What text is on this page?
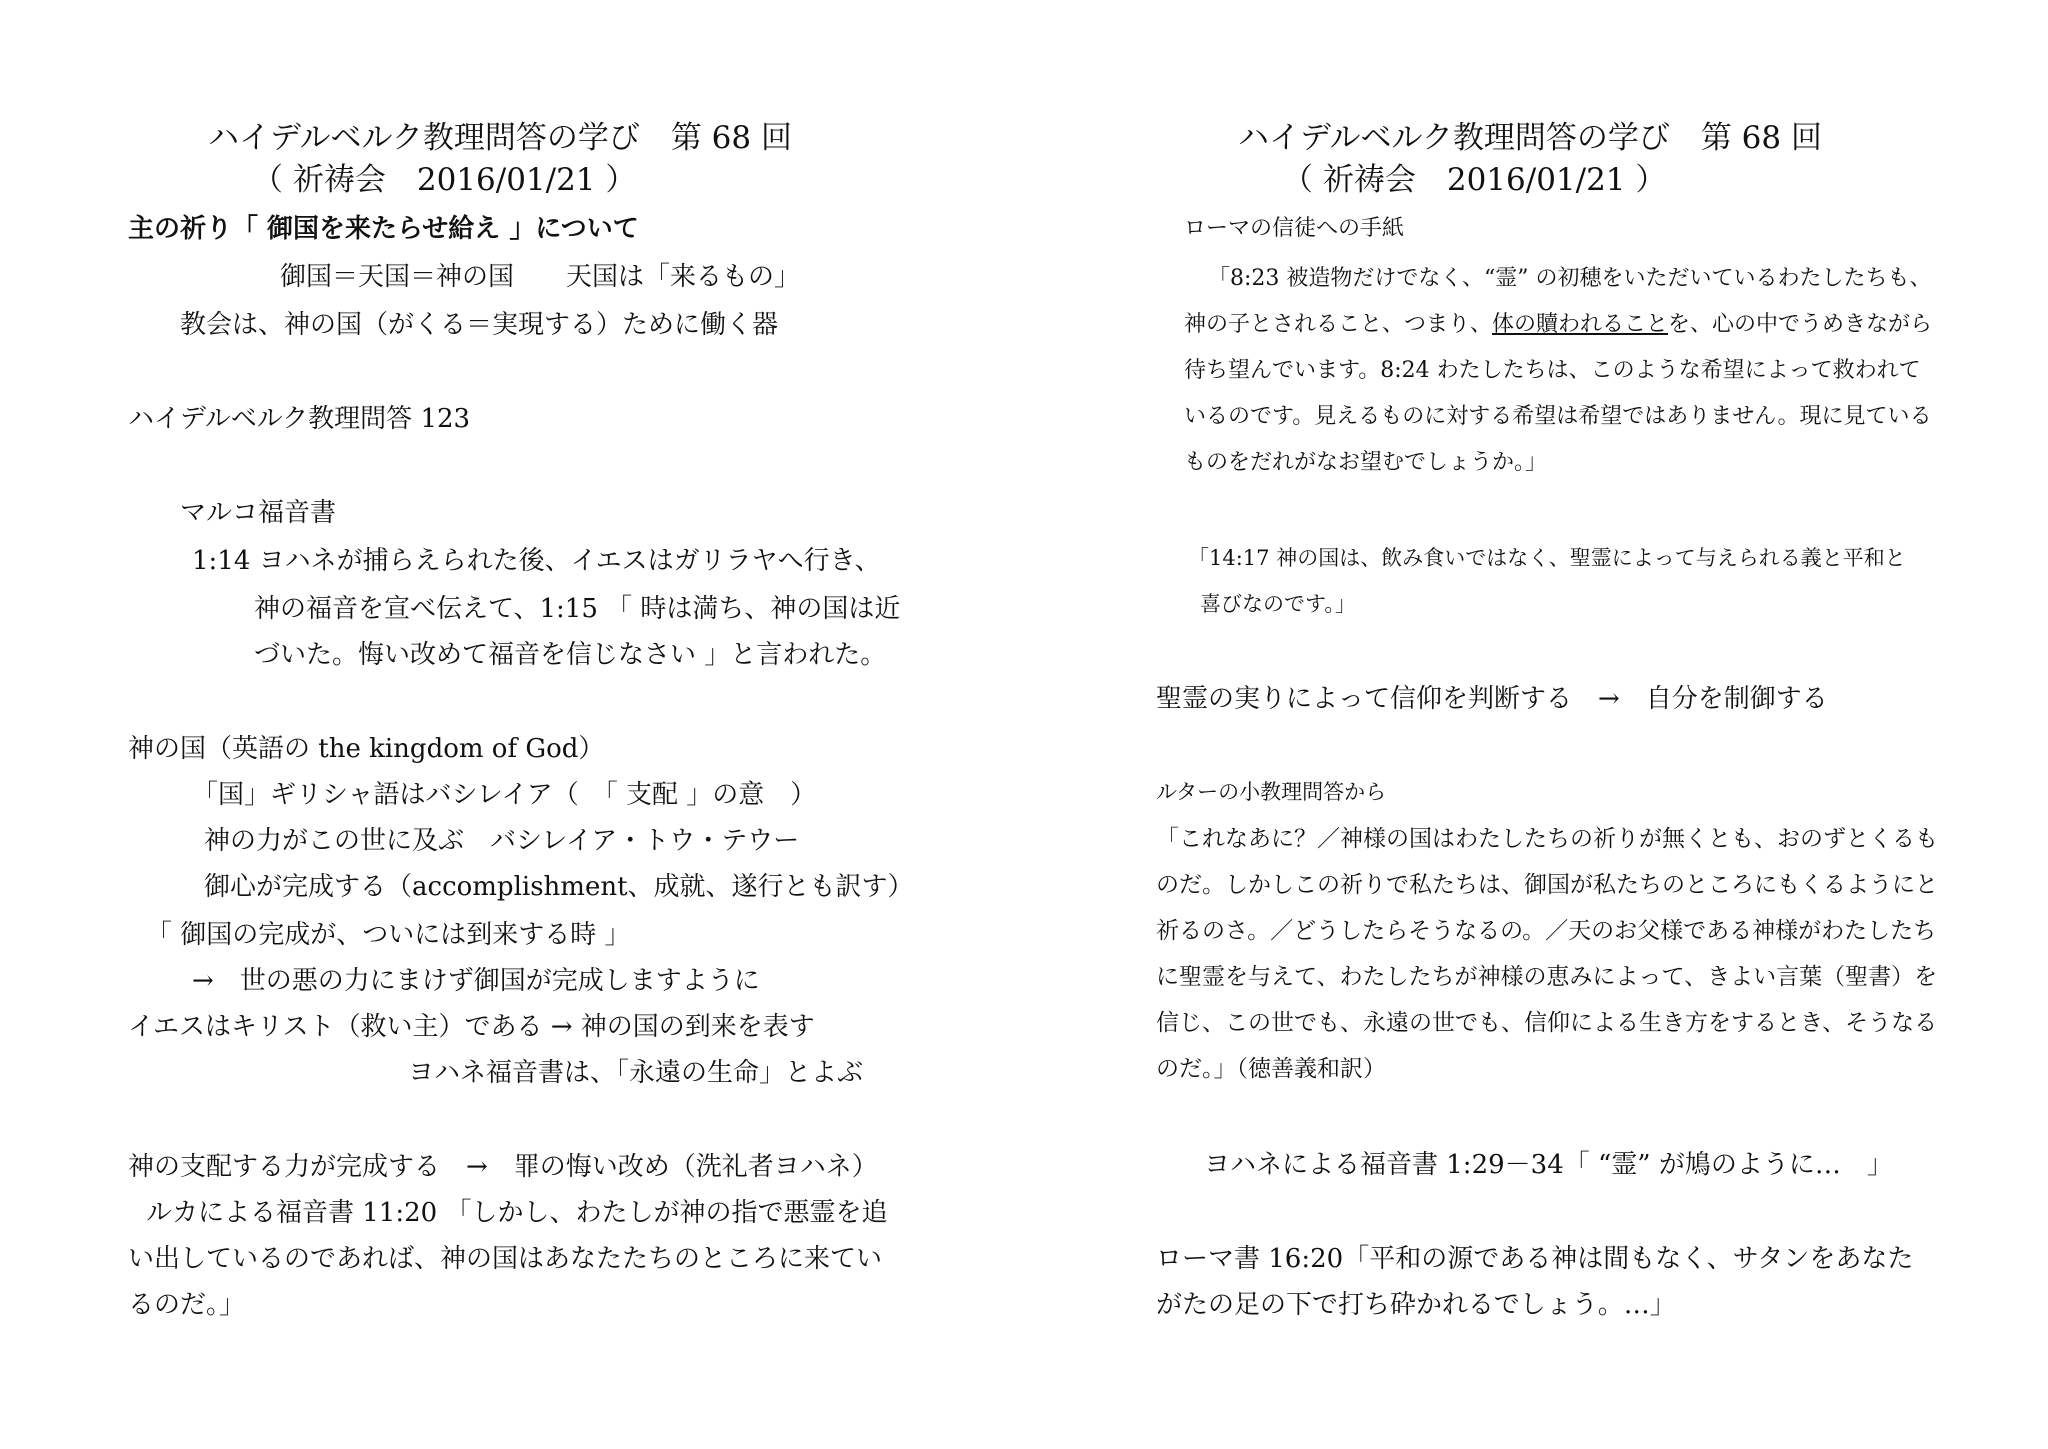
ハイデルベルク教理問答の学び　第 68 回
（ 祈祷会　2016/01/21 ）
主の祈り「 御国を来たらせ給え 」について
御国＝天国＝神の国　　天国は「来るもの」
教会は、神の国（がくる＝実現する）ために働く器
ハイデルベルク教理問答 123
マルコ福音書
1:14 ヨハネが捕らえられた後、イエスはガリラヤへ行き、
神の福音を宣べ伝えて、1:15 「 時は満ち、神の国は近
づいた。悔い改めて福音を信じなさい 」と言われた。
神の国（英語の the kingdom of God）
「国」ギリシャ語はバシレイア（　「 支配 」の意　）
神の力がこの世に及ぶ　バシレイア・トウ・テウー
御心が完成する（accomplishment、成就、遂行とも訳す）
「 御国の完成が、ついには到来する時 」
→　世の悪の力にまけず御国が完成しますように
イエスはキリスト（救い主）である → 神の国の到来を表す
ヨハネ福音書は、「永遠の生命」とよぶ
神の支配する力が完成する　→　罪の悔い改め（洗礼者ヨハネ）
ルカによる福音書 11:20 「しかし、わたしが神の指で悪霊を追
い出しているのであれば、神の国はあなたたちのところに来てい
るのだ。」
ハイデルベルク教理問答の学び　第 68 回
（ 祈祷会　2016/01/21 ）
ローマの信徒への手紙
「8:23 被造物だけでなく、“霊” の初穂をいただいているわたしたちも、
神の子とされること、つまり、体の贖われることを、心の中でうめきながら
待ち望んでいます。8:24 わたしたちは、このような希望によって救われて
いるのです。見えるものに対する希望は希望ではありません。現に見ている
ものをだれがなお望むでしょうか。」
「14:17 神の国は、飲み食いではなく、聖霊によって与えられる義と平和と
喜びなのです。」
聖霊の実りによって信仰を判断する　→　自分を制御する
ルターの小教理問答から
「これなあに？／神様の国はわたしたちの祈りが無くとも、おのずとくるも
のだ。しかしこの祈りで私たちは、御国が私たちのところにもくるようにと
祈るのさ。／どうしたらそうなるの。／天のお父様である神様がわたしたち
に聖霊を与えて、わたしたちが神様の恵みによって、きよい言葉（聖書）を
信じ、この世でも、永遠の世でも、信仰による生き方をするとき、そうなる
のだ。」（徳善義和訳）
ヨハネによる福音書 1:29－34「 “霊” が鳩のように…　」
ローマ書 16:20「平和の源である神は間もなく、サタンをあなた
がたの足の下で打ち砕かれるでしょう。…」
